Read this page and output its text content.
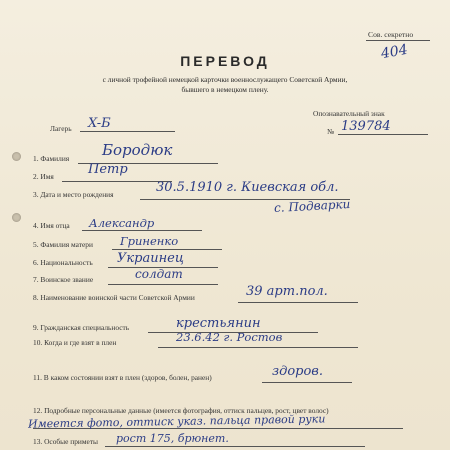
Сов. секретно
404
ПЕРЕВОД
с личной трофейной немецкой карточки военнослужащего Советской Армии,
бывшего в немецком плену.
Лагерь X-Б
Опознавательный знак
№ 139784
1. Фамилия Бородюк
2. Имя	Петр
3. Дата и место рождения	30.5.1910 г. Киевская обл.
с. Подварки
4. Имя отца Александр
5. Фамилия матери Гриненко
6. Национальность Украинец
7. Воинское звание	солдат
8. Наименование воинской части Советской Армии	39 арт.пол.
9. Гражданская специальность	крестьянин
10. Когда и где взят в плен	23.6.42 г. Ростов
11. В каком состоянии взят в плен (здоров, болен, ранен)	здоров.
12. Подробные персональные данные (имеется фотография, оттиск пальцев, рост, цвет волос)
Имеется фото, оттиск указ. пальца правой руки
13. Особые приметы рост 175, брюнет.
